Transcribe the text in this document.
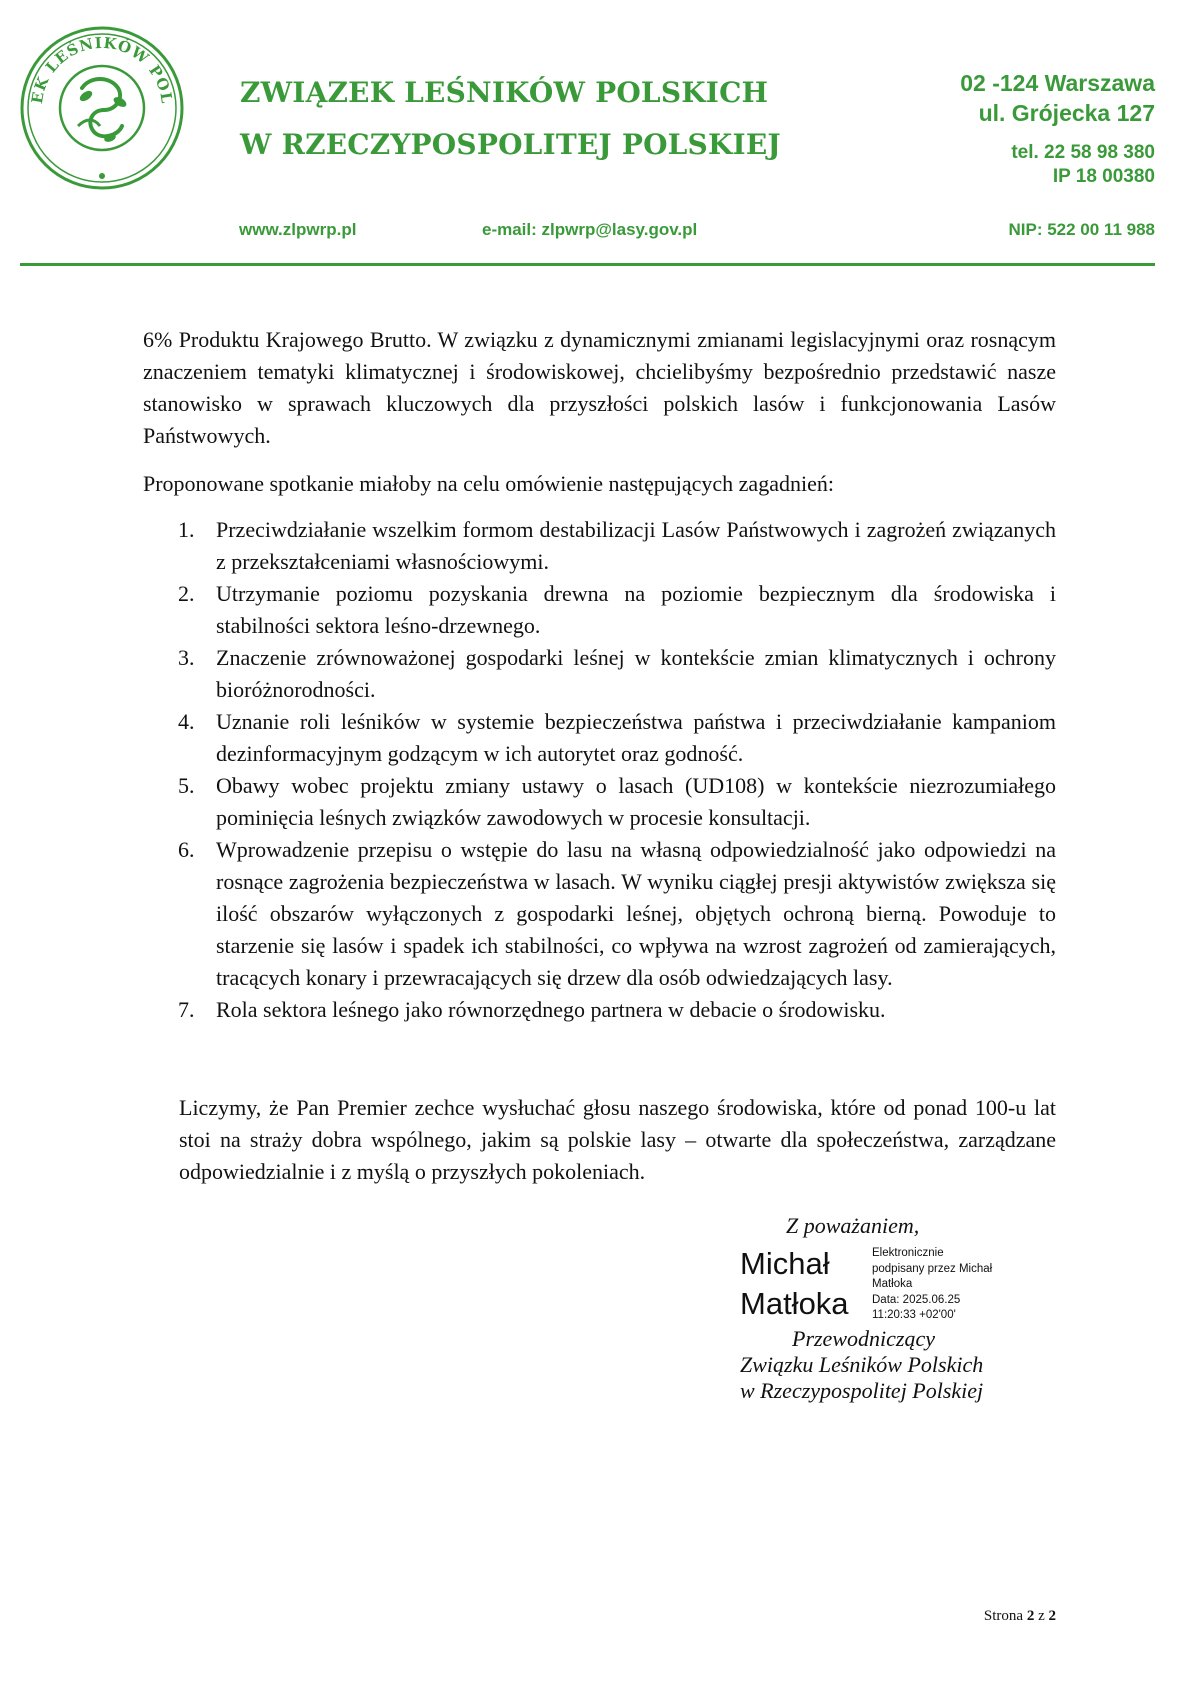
EK LEŚNIKÓW POL ZWIĄZEK LEŚNIKÓW POLSKICH
W RZECZYPOSPOLITEJ POLSKIEJ
02 -124 Warszawa
ul. Grójecka 127
tel. 22 58 98 380
IP 18 00380
www.zlpwrp.pl	e-mail: zlpwrp@lasy.gov.pl	NIP: 522 00 11 988

6% Produktu Krajowego Brutto. W związku z dynamicznymi zmianami legislacyjnymi oraz rosnącym znaczeniem tematyki klimatycznej i środowiskowej, chcielibyśmy bezpośrednio przedstawić nasze stanowisko w sprawach kluczowych dla przyszłości polskich lasów i funkcjonowania Lasów Państwowych.

Proponowane spotkanie miałoby na celu omówienie następujących zagadnień:

1. Przeciwdziałanie wszelkim formom destabilizacji Lasów Państwowych i zagrożeń związanych z przekształceniami własnościowymi.
2. Utrzymanie poziomu pozyskania drewna na poziomie bezpiecznym dla środowiska i stabilności sektora leśno-drzewnego.
3. Znaczenie zrównoważonej gospodarki leśnej w kontekście zmian klimatycznych i ochrony bioróżnorodności.
4. Uznanie roli leśników w systemie bezpieczeństwa państwa i przeciwdziałanie kampaniom dezinformacyjnym godzącym w ich autorytet oraz godność.
5. Obawy wobec projektu zmiany ustawy o lasach (UD108) w kontekście niezrozumiałego pominięcia leśnych związków zawodowych w procesie konsultacji.
6. Wprowadzenie przepisu o wstępie do lasu na własną odpowiedzialność jako odpowiedzi na rosnące zagrożenia bezpieczeństwa w lasach. W wyniku ciągłej presji aktywistów zwiększa się ilość obszarów wyłączonych z gospodarki leśnej, objętych ochroną bierną. Powoduje to starzenie się lasów i spadek ich stabilności, co wpływa na wzrost zagrożeń od zamierających, tracących konary i przewracających się drzew dla osób odwiedzających lasy.
7. Rola sektora leśnego jako równorzędnego partnera w debacie o środowisku.

Liczymy, że Pan Premier zechce wysłuchać głosu naszego środowiska, które od ponad 100-u lat stoi na straży dobra wspólnego, jakim są polskie lasy – otwarte dla społeczeństwa, zarządzane odpowiedzialnie i z myślą o przyszłych pokoleniach.

Z poważaniem,
Michał
Matłoka
Elektronicznie
podpisany przez Michał
Matłoka
Data: 2025.06.25
11:20:33 +02'00'
Przewodniczący
Związku Leśników Polskich
w Rzeczypospolitej Polskiej
Strona 2 z 2
